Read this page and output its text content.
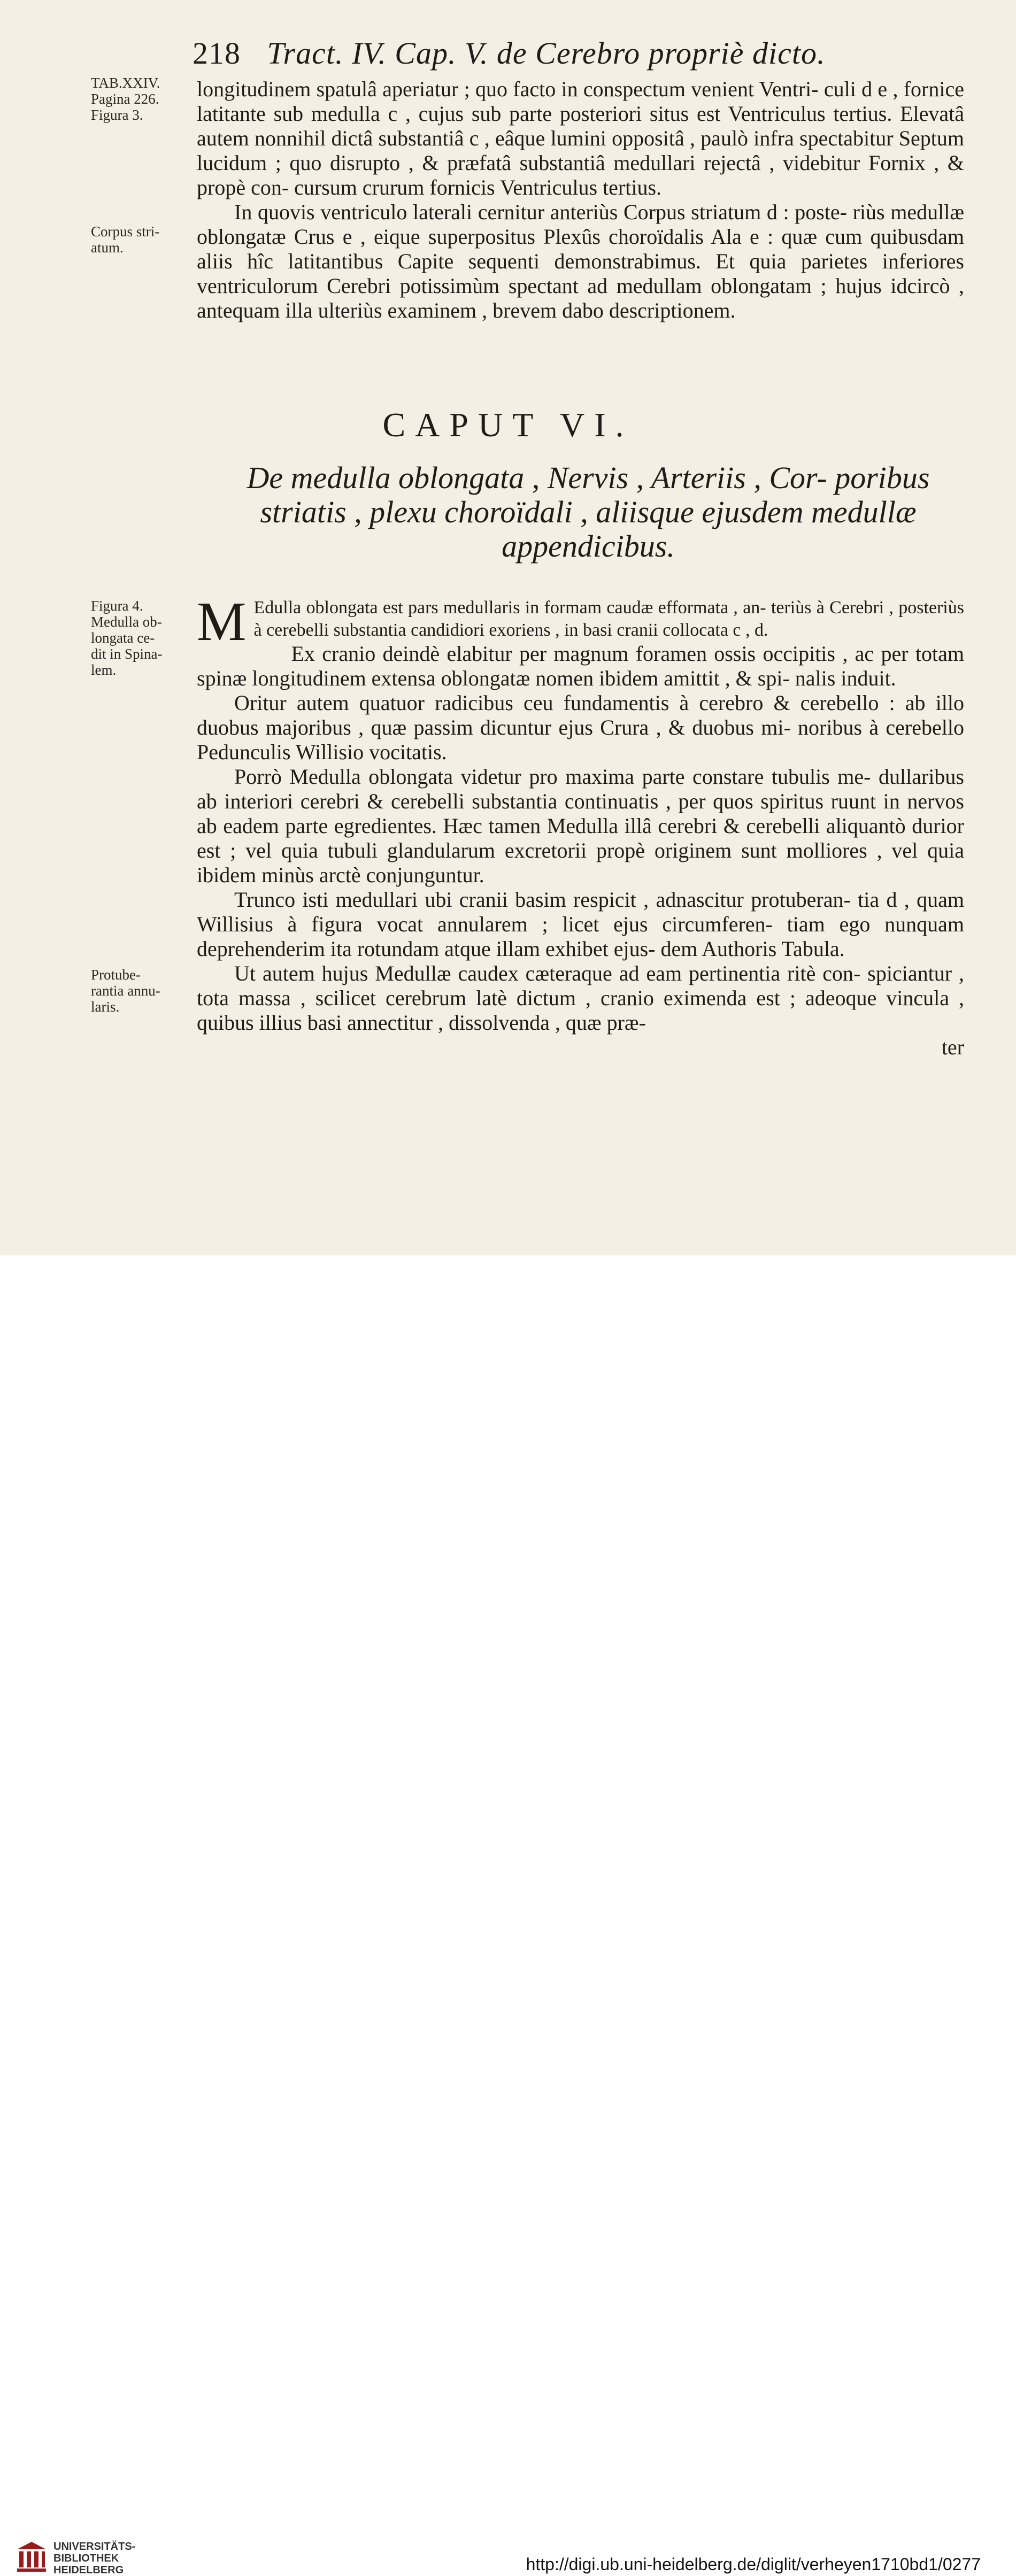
218 Tract. IV. Cap. V. de Cerebro propriè dicto.
TAB.XXIV.
Pagina 226.
Figura 3.
Corpus stri-
atum.
Figura 4.
Medulla ob-
longata ce-
dit in Spina-
lem.
Protube-
rantia annu-
laris.

longitudinem spatulâ aperiatur ; quo facto in conspectum venient Ventri- culi d e , fornice latitante sub medulla c , cujus sub parte posteriori situs est Ventriculus tertius. Elevatâ autem nonnihil dictâ substantiâ c , eâque lumini oppositâ , paulò infra spectabitur Septum lucidum ; quo disrupto , & præfatâ substantiâ medullari rejectâ , videbitur Fornix , & propè con- cursum crurum fornicis Ventriculus tertius.

In quovis ventriculo laterali cernitur anteriùs Corpus striatum d : poste- riùs medullæ oblongatæ Crus e , eique superpositus Plexûs choroïdalis Ala e : quæ cum quibusdam aliis hîc latitantibus Capite sequenti demonstrabimus. Et quia parietes inferiores ventriculorum Cerebri potissimùm spectant ad medullam oblongatam ; hujus idcircò , antequam illa ulteriùs examinem , brevem dabo descriptionem.

CAPUT VI.
De medulla oblongata , Nervis , Arteriis , Cor- poribus striatis , plexu choroïdali , aliisque ejusdem medullæ appendicibus.

M Edulla oblongata est pars medullaris in formam caudæ efformata , an- teriùs à Cerebri , posteriùs à cerebelli substantia candidiori exoriens , in basi cranii collocata c , d.

Ex cranio deindè elabitur per magnum foramen ossis occipitis , ac per totam spinæ longitudinem extensa oblongatæ nomen ibidem amittit , & spi- nalis induit.

Oritur autem quatuor radicibus ceu fundamentis à cerebro & cerebello : ab illo duobus majoribus , quæ passim dicuntur ejus Crura , & duobus mi- noribus à cerebello Pedunculis Willisio vocitatis.

Porrò Medulla oblongata videtur pro maxima parte constare tubulis me- dullaribus ab interiori cerebri & cerebelli substantia continuatis , per quos spiritus ruunt in nervos ab eadem parte egredientes. Hæc tamen Medulla illâ cerebri & cerebelli aliquantò durior est ; vel quia tubuli glandularum excretorii propè originem sunt molliores , vel quia ibidem minùs arctè conjunguntur.

Trunco isti medullari ubi cranii basim respicit , adnascitur protuberan- tia d , quam Willisius à figura vocat annularem ; licet ejus circumferen- tiam ego nunquam deprehenderim ita rotundam atque illam exhibet ejus- dem Authoris Tabula.

Ut autem hujus Medullæ caudex cæteraque ad eam pertinentia ritè con- spiciantur , tota massa , scilicet cerebrum latè dictum , cranio eximenda est ; adeoque vincula , quibus illius basi annectitur , dissolvenda , quæ præ-

ter

UNIVERSITÄTS-
BIBLIOTHEK
HEIDELBERG	http://digi.ub.uni-heidelberg.de/diglit/verheyen1710bd1/0277
